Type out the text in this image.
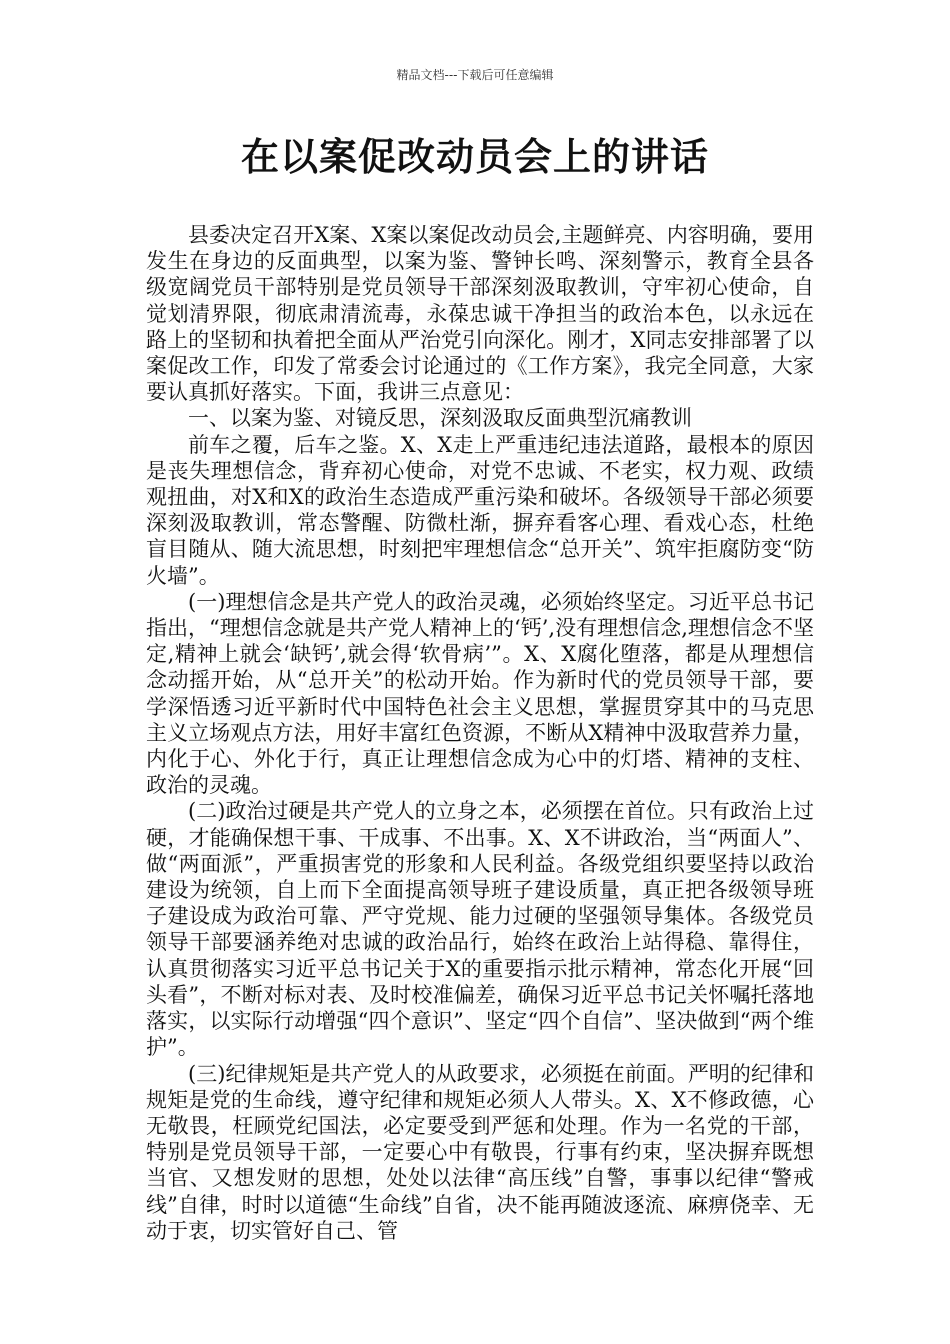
精品文档---下载后可任意编辑
在以案促改动员会上的讲话

县委决定召开X案、X案以案促改动员会,主题鲜亮、内容明确，要用发生在身边的反面典型，以案为鉴、警钟长鸣、深刻警示，教育全县各级宽阔党员干部特别是党员领导干部深刻汲取教训，守牢初心使命，自觉划清界限，彻底肃清流毒，永葆忠诚干净担当的政治本色，以永远在路上的坚韧和执着把全面从严治党引向深化。刚才，X同志安排部署了以案促改工作，印发了常委会讨论通过的《工作方案》，我完全同意，大家要认真抓好落实。下面，我讲三点意见：

一、以案为鉴、对镜反思，深刻汲取反面典型沉痛教训

前车之覆，后车之鉴。X、X走上严重违纪违法道路，最根本的原因是丧失理想信念，背弃初心使命，对党不忠诚、不老实，权力观、政绩观扭曲，对X和X的政治生态造成严重污染和破坏。各级领导干部必须要深刻汲取教训，常态警醒、防微杜渐，摒弃看客心理、看戏心态，杜绝盲目随从、随大流思想，时刻把牢理想信念“总开关”、筑牢拒腐防变“防火墙”。

(一)理想信念是共产党人的政治灵魂，必须始终坚定。习近平总书记指出，“理想信念就是共产党人精神上的‘钙’,没有理想信念,理想信念不坚定,精神上就会‘缺钙’,就会得‘软骨病’”。X、X腐化堕落，都是从理想信念动摇开始，从“总开关”的松动开始。作为新时代的党员领导干部，要学深悟透习近平新时代中国特色社会主义思想，掌握贯穿其中的马克思主义立场观点方法，用好丰富红色资源，不断从X精神中汲取营养力量，内化于心、外化于行，真正让理想信念成为心中的灯塔、精神的支柱、政治的灵魂。

(二)政治过硬是共产党人的立身之本，必须摆在首位。只有政治上过硬，才能确保想干事、干成事、不出事。X、X不讲政治，当“两面人”、做“两面派”，严重损害党的形象和人民利益。各级党组织要坚持以政治建设为统领，自上而下全面提高领导班子建设质量，真正把各级领导班子建设成为政治可靠、严守党规、能力过硬的坚强领导集体。各级党员领导干部要涵养绝对忠诚的政治品行，始终在政治上站得稳、靠得住，认真贯彻落实习近平总书记关于X的重要指示批示精神，常态化开展“回头看”，不断对标对表、及时校准偏差，确保习近平总书记关怀嘱托落地落实，以实际行动增强“四个意识”、坚定“四个自信”、坚决做到“两个维护”。

(三)纪律规矩是共产党人的从政要求，必须挺在前面。严明的纪律和规矩是党的生命线，遵守纪律和规矩必须人人带头。X、X不修政德，心无敬畏，枉顾党纪国法，必定要受到严惩和处理。作为一名党的干部，特别是党员领导干部，一定要心中有敬畏，行事有约束，坚决摒弃既想当官、又想发财的思想，处处以法律“高压线”自警，事事以纪律“警戒线”自律，时时以道德“生命线”自省，决不能再随波逐流、麻痹侥幸、无动于衷，切实管好自己、管
